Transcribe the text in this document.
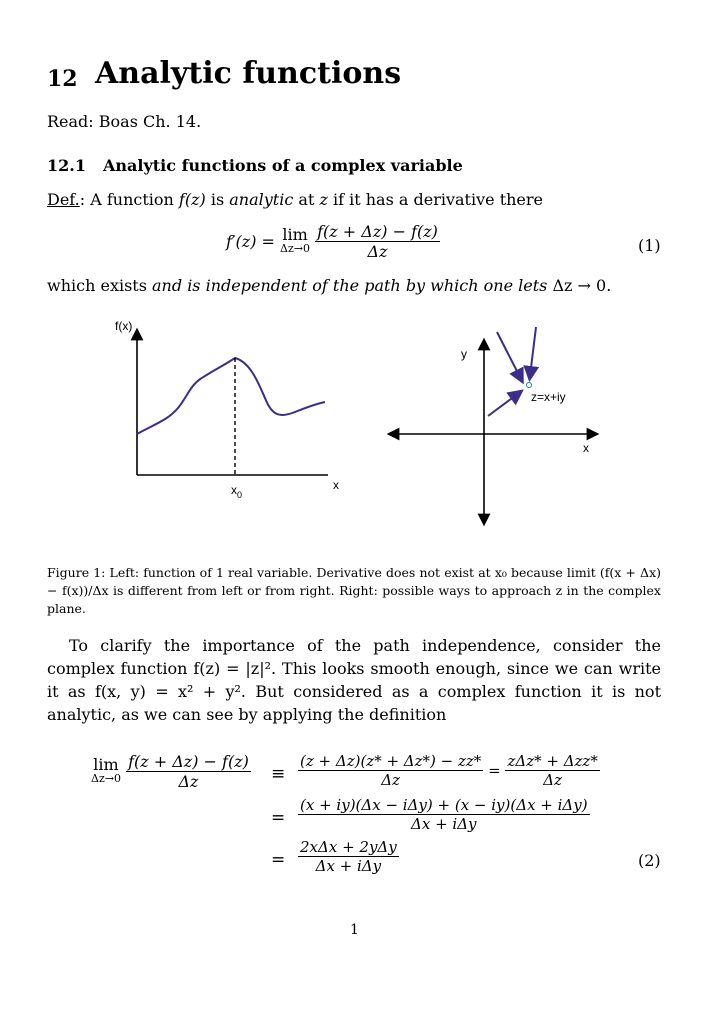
12 Analytic functions
Read: Boas Ch. 14.
12.1 Analytic functions of a complex variable
Def.: A function f(z) is analytic at z if it has a derivative there
f′(z) = lim
Δz→0
$\frac{f(z + \Delta z) - f(z)}{\Delta z}$	(1)
which exists and is independent of the path by which one lets Δz → 0.
f(x)
x
$x_0$
y
x
z=x+iy
Figure 1: Left: function of 1 real variable. Derivative does not exist at x₀ because limit (f(x + Δx) − f(x))/Δx is different from left or from right. Right: possible ways to approach z in the complex plane.
To clarify the importance of the path independence, consider the complex function f(z) = |z|². This looks smooth enough, since we can write it as f(x, y) = x² + y². But considered as a complex function it is not analytic, as we can see by applying the definition
lim
Δz→0
$\frac{f(z + \Delta z) - f(z)}{\Delta z} \equiv \frac{(z + \Delta z)(z* + \Delta z*) - zz*}{\Delta z} = \frac{\text{zΔz* + Δzz*}}{\Delta z}$
= $\frac{\text{(x + iy)(Δx − iΔy) + (x − iy)(Δx + iΔy)}}{\text{Δx + iΔy}}$
= $\frac{\text{2xΔx + 2yΔy}}{\text{Δx + iΔy}}$	(2)
1
